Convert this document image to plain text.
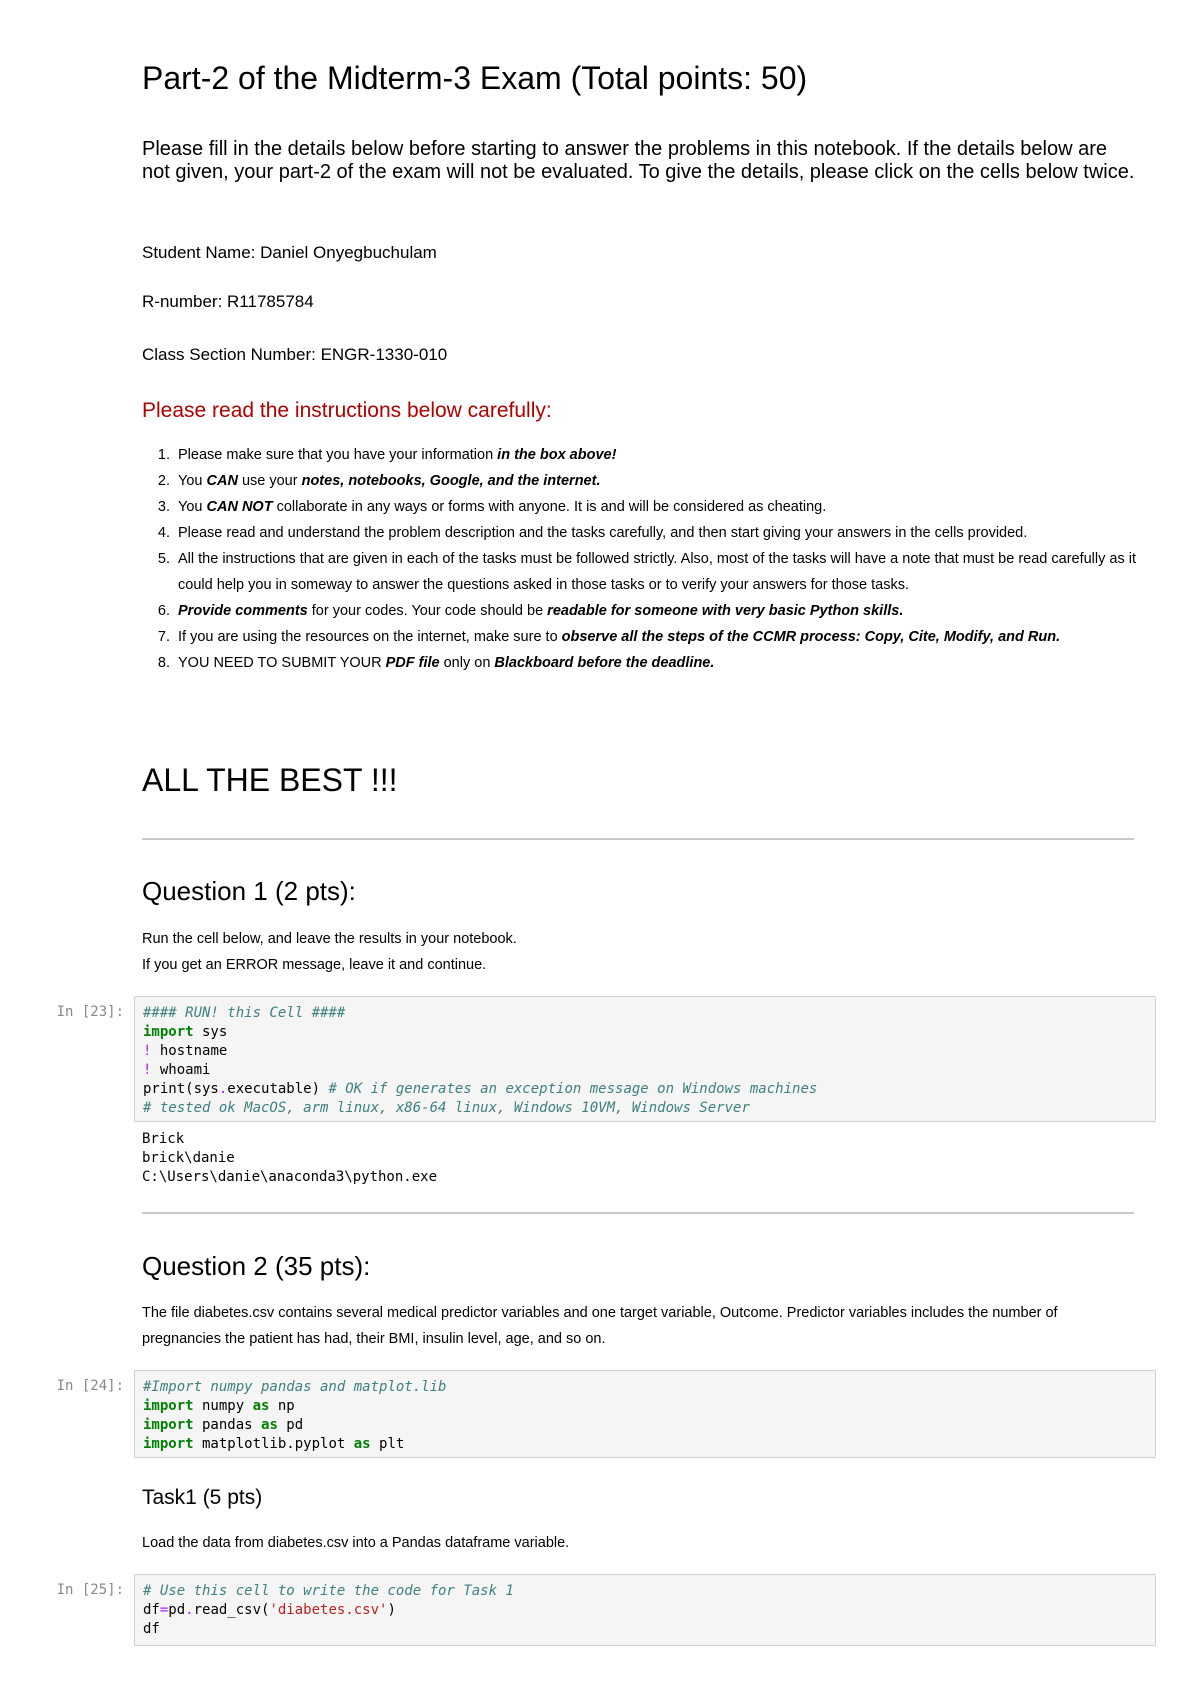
Part-2 of the Midterm-3 Exam (Total points: 50)
Please fill in the details below before starting to answer the problems in this notebook. If the details below are not given, your part-2 of the exam will not be evaluated. To give the details, please click on the cells below twice.
Student Name: Daniel Onyegbuchulam
R-number: R11785784
Class Section Number: ENGR-1330-010
Please read the instructions below carefully:
1. Please make sure that you have your information in the box above!
2. You CAN use your notes, notebooks, Google, and the internet.
3. You CAN NOT collaborate in any ways or forms with anyone. It is and will be considered as cheating.
4. Please read and understand the problem description and the tasks carefully, and then start giving your answers in the cells provided.
5. All the instructions that are given in each of the tasks must be followed strictly. Also, most of the tasks will have a note that must be read carefully as it could help you in someway to answer the questions asked in those tasks or to verify your answers for those tasks.
6. Provide comments for your codes. Your code should be readable for someone with very basic Python skills.
7. If you are using the resources on the internet, make sure to observe all the steps of the CCMR process: Copy, Cite, Modify, and Run.
8. YOU NEED TO SUBMIT YOUR PDF file only on Blackboard before the deadline.
ALL THE BEST !!!
Question 1 (2 pts):
Run the cell below, and leave the results in your notebook.
If you get an ERROR message, leave it and continue.
In [23]:	#### RUN! this Cell ####
import sys
! hostname
! whoami
print(sys.executable) # OK if generates an exception message on Windows machines
# tested ok MacOS, arm linux, x86-64 linux, Windows 10VM, Windows Server
Brick
brick\danie
C:\Users\danie\anaconda3\python.exe
Question 2 (35 pts):
The file diabetes.csv contains several medical predictor variables and one target variable, Outcome. Predictor variables includes the number of pregnancies the patient has had, their BMI, insulin level, age, and so on.
In [24]:	#Import numpy pandas and matplot.lib
import numpy as np
import pandas as pd
import matplotlib.pyplot as plt
Task1 (5 pts)
Load the data from diabetes.csv into a Pandas dataframe variable.
In [25]:	# Use this cell to write the code for Task 1
df=pd.read_csv('diabetes.csv')
df
